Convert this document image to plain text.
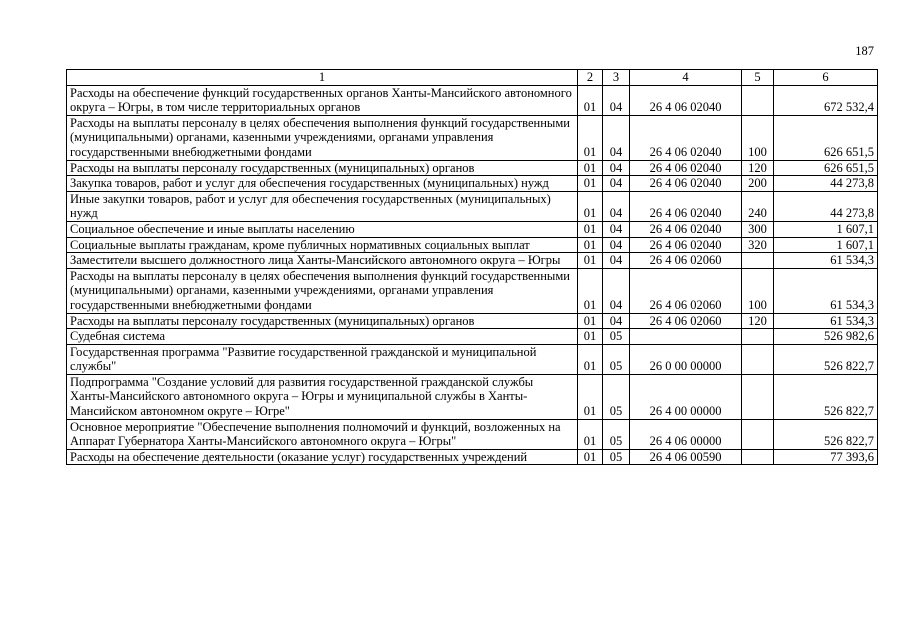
187
1	2	3	4	5	6
Расходы на обеспечение функций государственных органов Ханты-Мансийского автономного округа – Югры, в том числе территориальных органов	01	04	26 4 06 02040		672 532,4
Расходы на выплаты персоналу в целях обеспечения выполнения функций государственными (муниципальными) органами, казенными учреждениями, органами управления государственными внебюджетными фондами	01	04	26 4 06 02040	100	626 651,5
Расходы на выплаты персоналу государственных (муниципальных) органов	01	04	26 4 06 02040	120	626 651,5
Закупка товаров, работ и услуг для обеспечения государственных (муниципальных) нужд	01	04	26 4 06 02040	200	44 273,8
Иные закупки товаров, работ и услуг для обеспечения государственных (муниципальных) нужд	01	04	26 4 06 02040	240	44 273,8
Социальное обеспечение и иные выплаты населению	01	04	26 4 06 02040	300	1 607,1
Социальные выплаты гражданам, кроме публичных нормативных социальных выплат	01	04	26 4 06 02040	320	1 607,1
Заместители высшего должностного лица Ханты-Мансийского автономного округа – Югры	01	04	26 4 06 02060		61 534,3
Расходы на выплаты персоналу в целях обеспечения выполнения функций государственными (муниципальными) органами, казенными учреждениями, органами управления государственными внебюджетными фондами	01	04	26 4 06 02060	100	61 534,3
Расходы на выплаты персоналу государственных (муниципальных) органов	01	04	26 4 06 02060	120	61 534,3
Судебная система	01	05			526 982,6
Государственная программа "Развитие государственной гражданской и муниципальной службы"	01	05	26 0 00 00000		526 822,7
Подпрограмма "Создание условий для развития государственной гражданской службы Ханты-Мансийского автономного округа – Югры и муниципальной службы в Ханты-Мансийском автономном округе – Югре"	01	05	26 4 00 00000		526 822,7
Основное мероприятие "Обеспечение выполнения полномочий и функций, возложенных на Аппарат Губернатора Ханты-Мансийского автономного округа – Югры"	01	05	26 4 06 00000		526 822,7
Расходы на обеспечение деятельности (оказание услуг) государственных учреждений	01	05	26 4 06 00590		77 393,6
